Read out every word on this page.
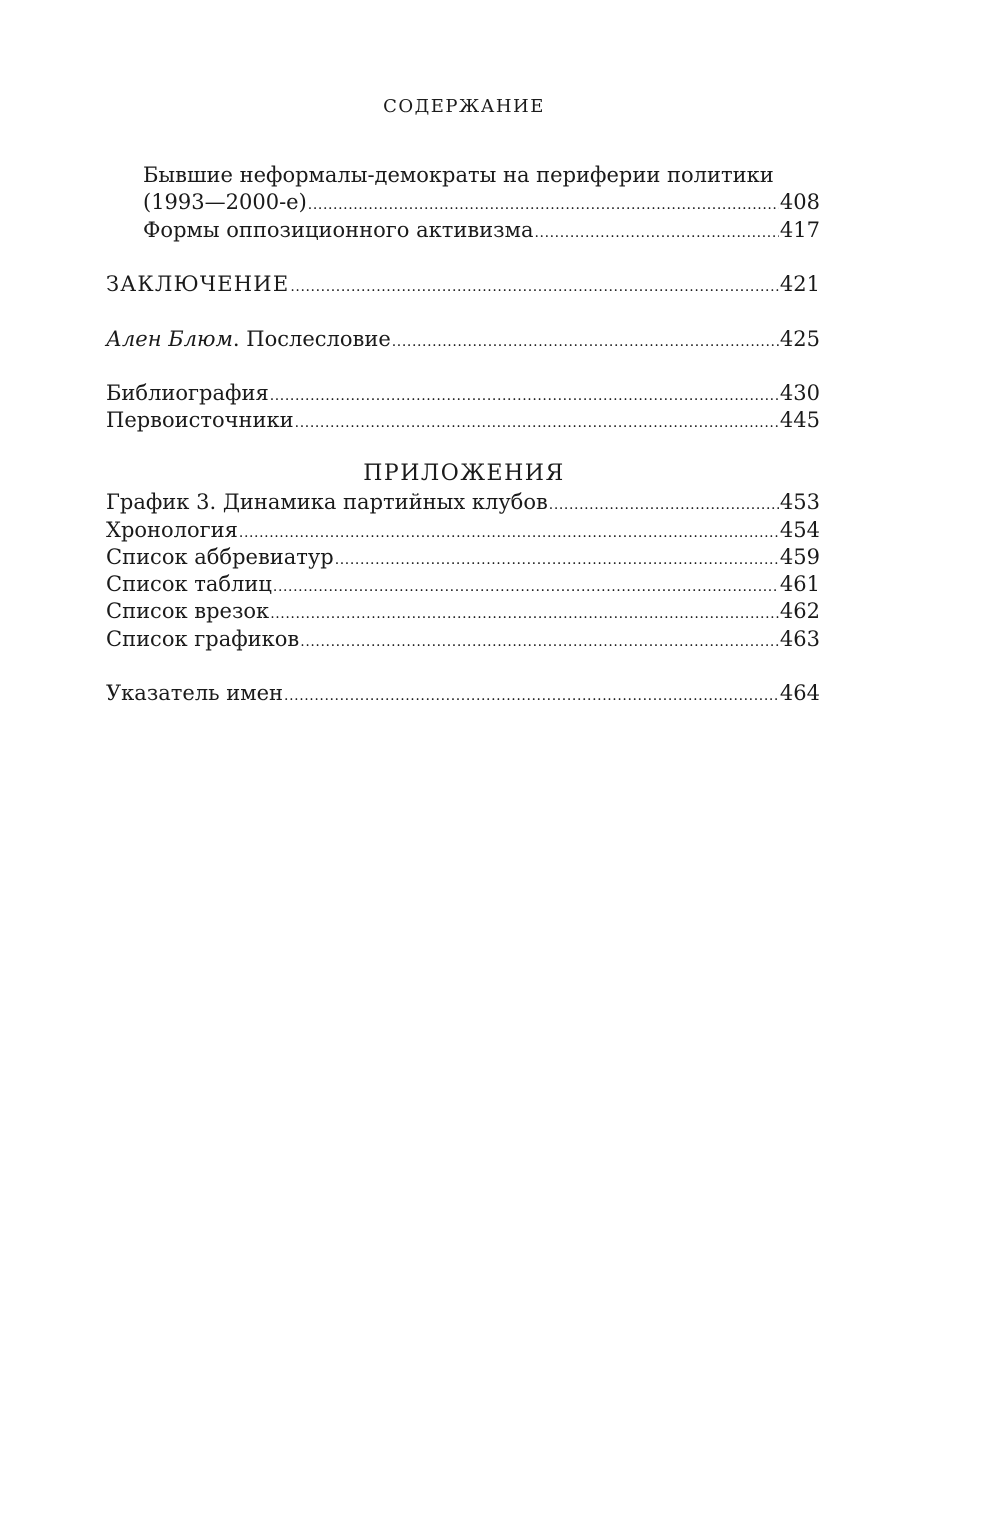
СОДЕРЖАНИЕ
Бывшие неформалы-демократы на периферии политики
(1993—2000-е) .....	408
Формы оппозиционного активизма .....	417
ЗАКЛЮЧЕНИЕ .....	421
Ален Блюм. Послесловие .....	425
Библиография .....	430
Первоисточники .....	445
ПРИЛОЖЕНИЯ
График 3. Динамика партийных клубов .....	453
Хронология .....	454
Список аббревиатур .....	459
Список таблиц .....	461
Список врезок .....	462
Список графиков .....	463
Указатель имен .....	464
